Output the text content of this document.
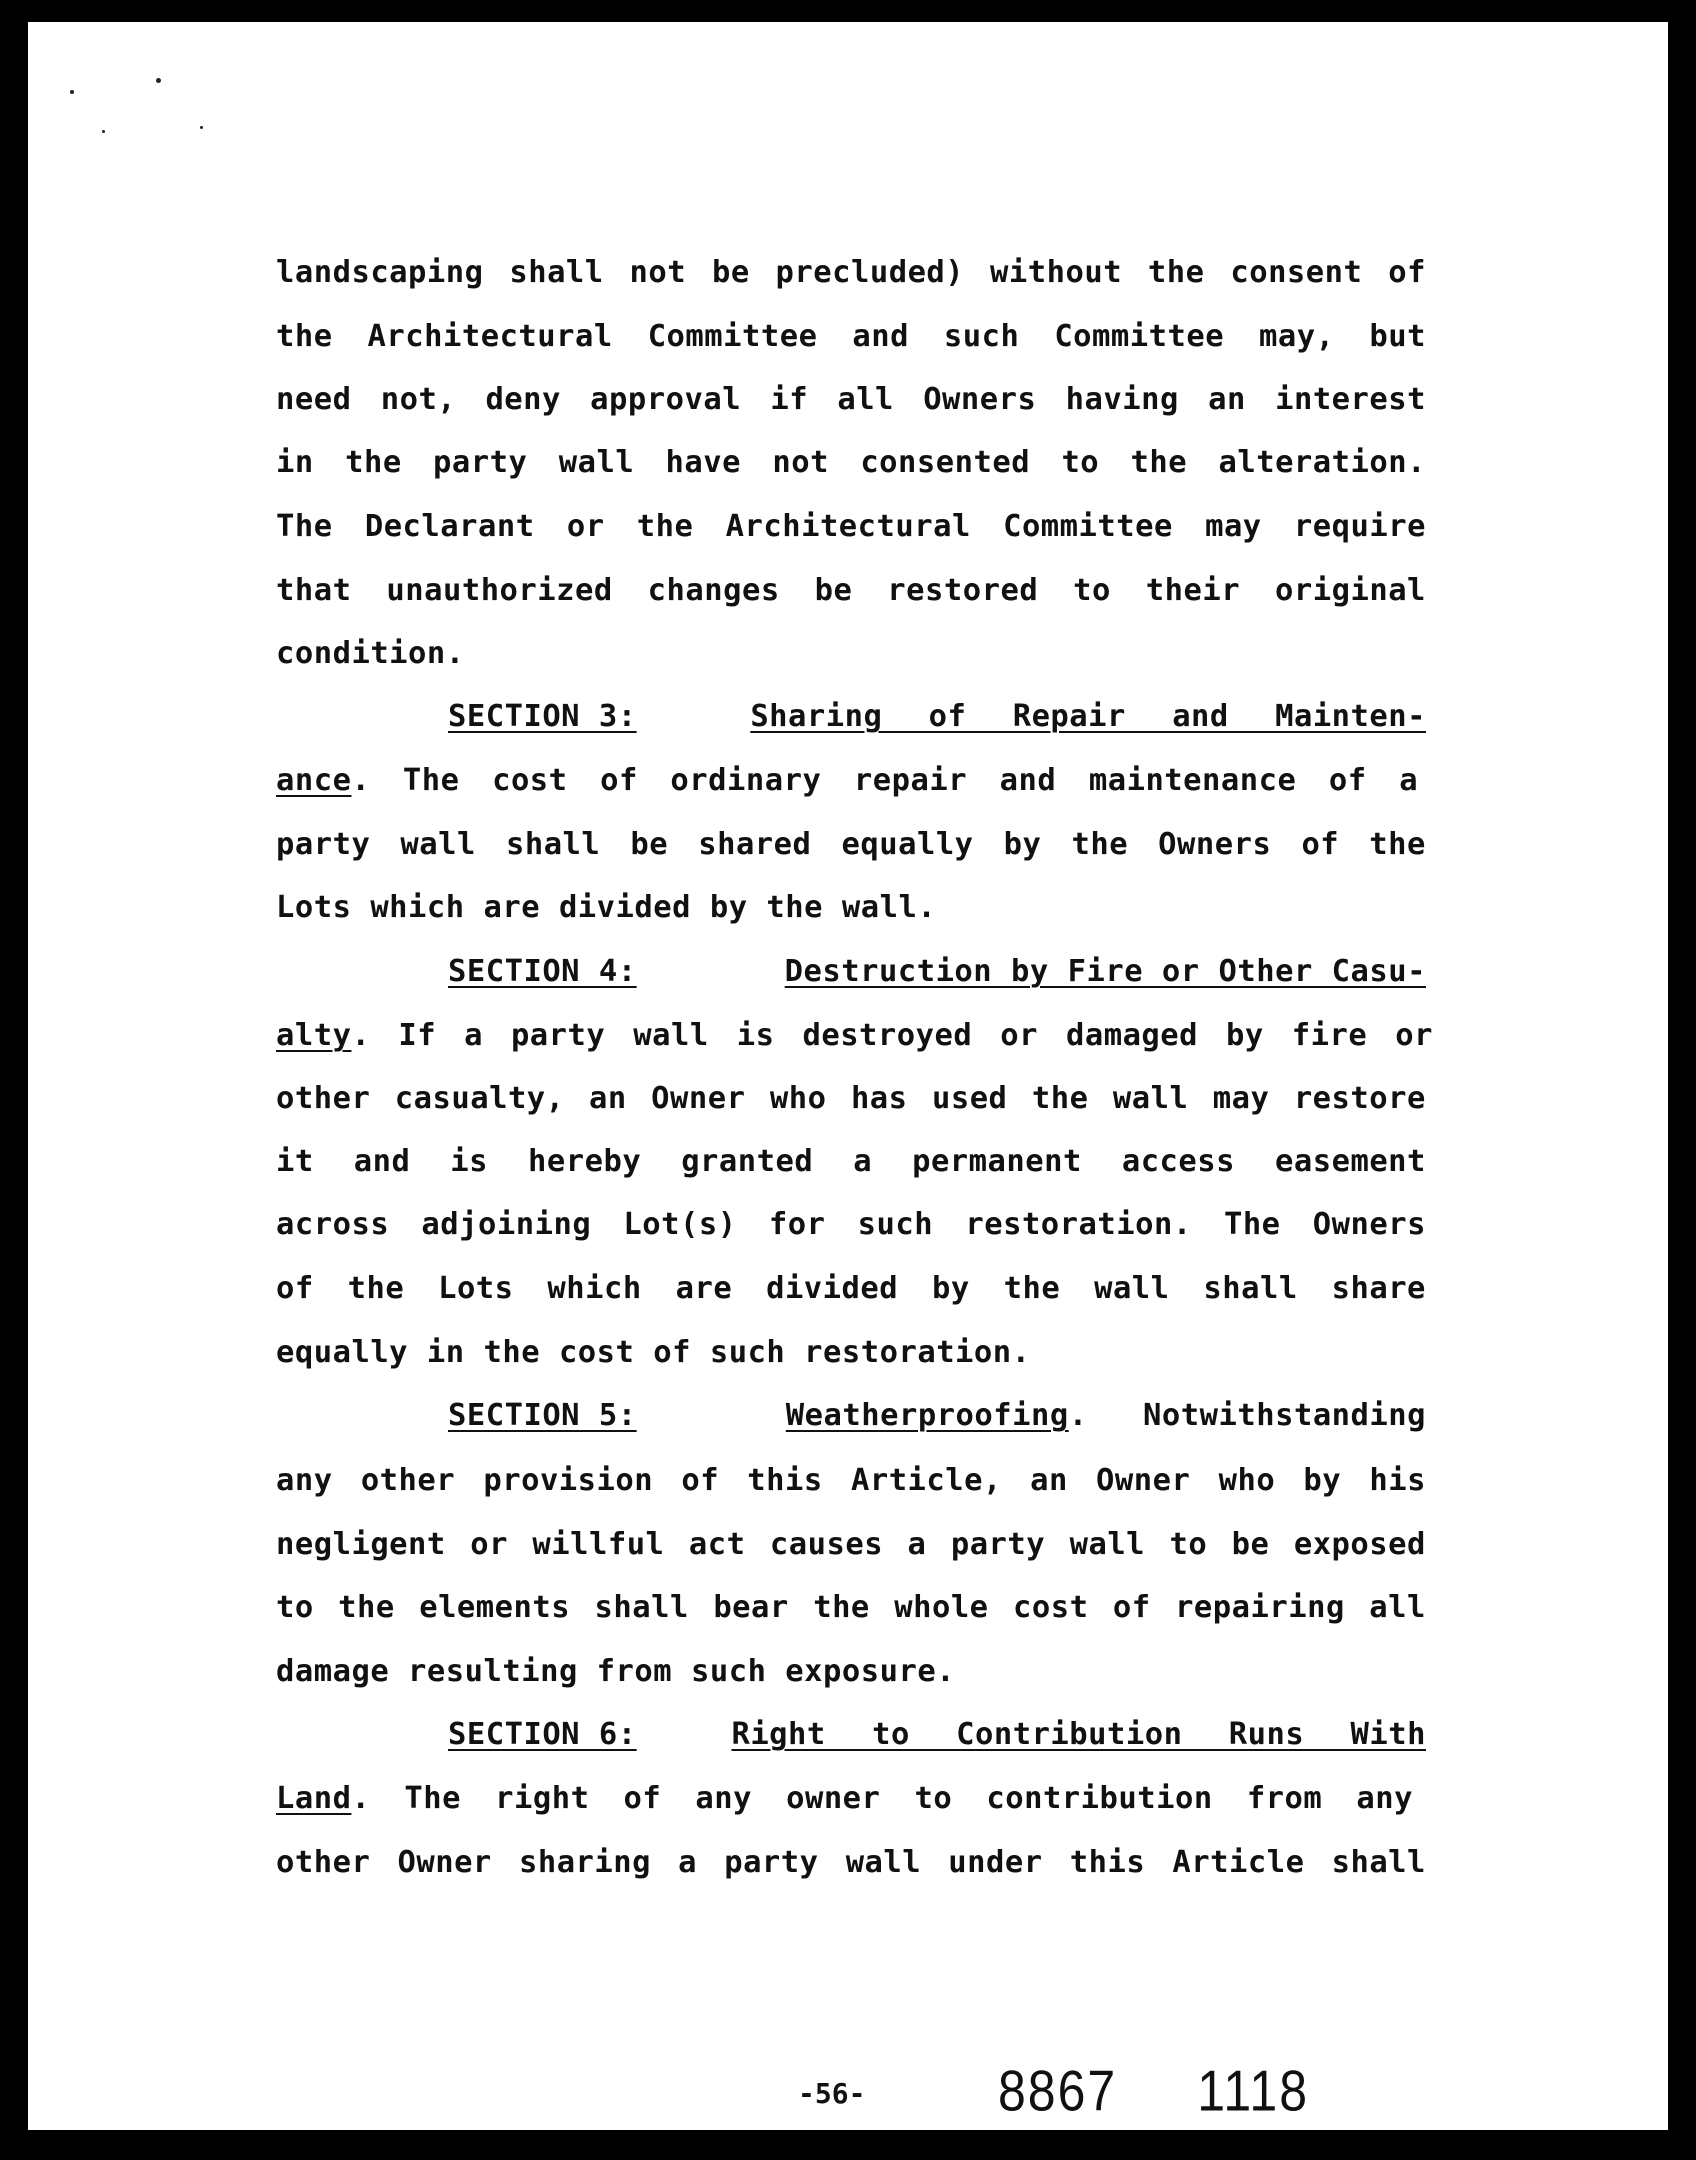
landscaping shall not be precluded) without the consent of
the Architectural Committee and such Committee may, but
need not, deny approval if all Owners having an interest
in the party wall have not consented to the alteration.
The Declarant or the Architectural Committee may require
that unauthorized changes be restored to their original
condition.
SECTION 3:	Sharing of Repair and Mainten-
ance . The cost of ordinary repair and maintenance of a
party wall shall be shared equally by the Owners of the
Lots which are divided by the wall.
SECTION 4:	Destruction by Fire or Other Casu-
alty . If a party wall is destroyed or damaged by fire or
other casualty, an Owner who has used the wall may restore
it and is hereby granted a permanent access easement
across adjoining Lot(s) for such restoration. The Owners
of the Lots which are divided by the wall shall share
equally in the cost of such restoration.
SECTION 5:	Weatherproofing. Notwithstanding
any other provision of this Article, an Owner who by his
negligent or willful act causes a party wall to be exposed
to the elements shall bear the whole cost of repairing all
damage resulting from such exposure.
SECTION 6:	Right to Contribution Runs With
Land . The right of any owner to contribution from any
other Owner sharing a party wall under this Article shall
-56-	8867 1118
